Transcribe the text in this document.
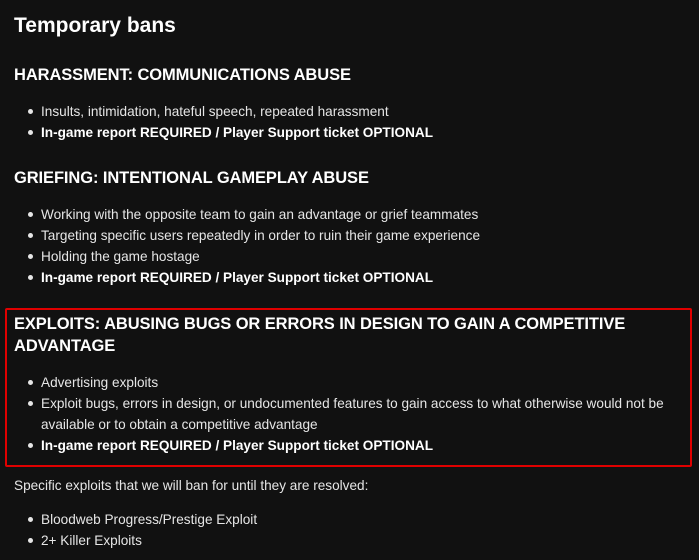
Temporary bans
HARASSMENT: COMMUNICATIONS ABUSE
Insults, intimidation, hateful speech, repeated harassment
In-game report REQUIRED / Player Support ticket OPTIONAL
GRIEFING: INTENTIONAL GAMEPLAY ABUSE
Working with the opposite team to gain an advantage or grief teammates
Targeting specific users repeatedly in order to ruin their game experience
Holding the game hostage
In-game report REQUIRED / Player Support ticket OPTIONAL
EXPLOITS: ABUSING BUGS OR ERRORS IN DESIGN TO GAIN A COMPETITIVE
ADVANTAGE
Advertising exploits
Exploit bugs, errors in design, or undocumented features to gain access to what otherwise would not be
available or to obtain a competitive advantage
In-game report REQUIRED / Player Support ticket OPTIONAL

Specific exploits that we will ban for until they are resolved:

Bloodweb Progress/Prestige Exploit
2+ Killer Exploits
